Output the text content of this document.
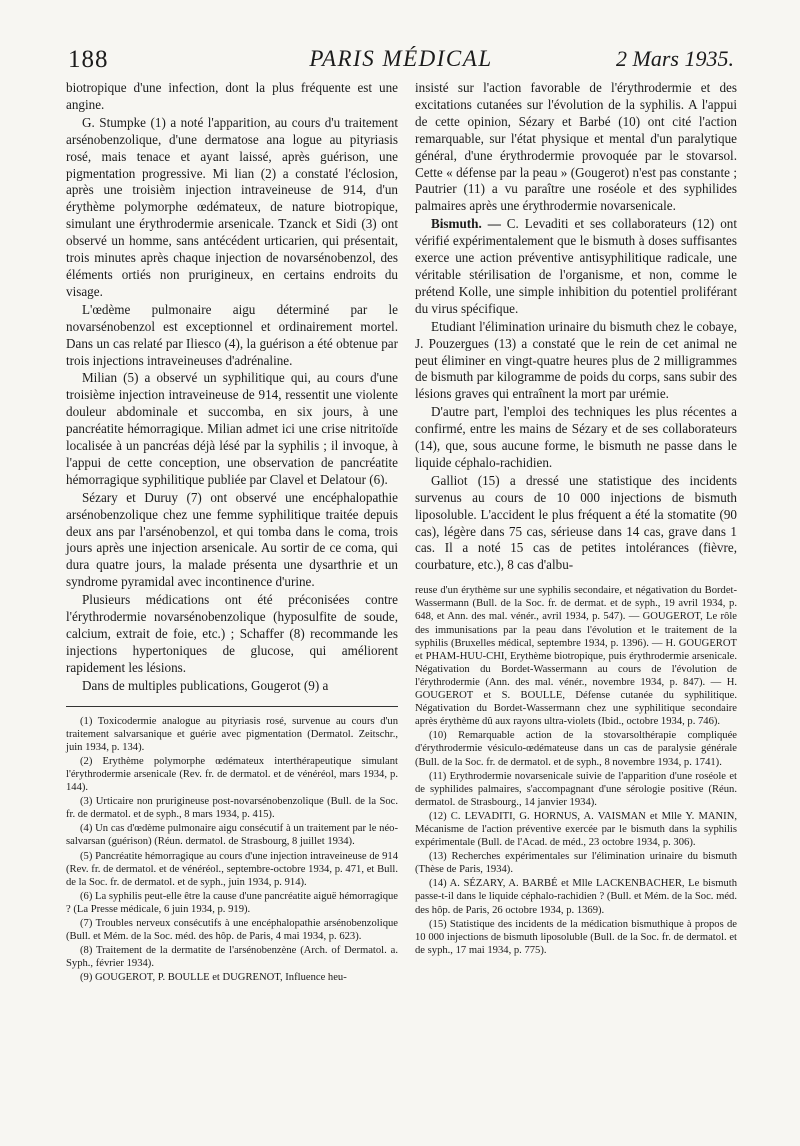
188	PARIS MÉDICAL	2 Mars 1935.

biotropique d'une infection, dont la plus fréquente est une angine.

G. Stumpke (1) a noté l'apparition, au cours d'u traitement arsénobenzolique, d'une dermatose ana logue au pityriasis rosé, mais tenace et ayant laissé, après guérison, une pigmentation progressive. Mi lian (2) a constaté l'éclosion, après une troisièm injection intraveineuse de 914, d'un érythème polymorphe œdémateux, de nature biotropique, simulant une érythrodermie arsenicale. Tzanck et Sidi (3) ont observé un homme, sans antécédent urticarien, qui présentait, trois minutes après chaque injection de novarsénobenzol, des éléments ortiés non prurigineux, en certains endroits du visage.

L'œdème pulmonaire aigu déterminé par le novarsénobenzol est exceptionnel et ordinairement mortel. Dans un cas relaté par Iliesco (4), la guérison a été obtenue par trois injections intraveineuses d'adrénaline.

Milian (5) a observé un syphilitique qui, au cours d'une troisième injection intraveineuse de 914, ressentit une violente douleur abdominale et succomba, en six jours, à une pancréatite hémorragique. Milian admet ici une crise nitritoïde localisée à un pancréas déjà lésé par la syphilis ; il invoque, à l'appui de cette conception, une observation de pancréatite hémorragique syphilitique publiée par Clavel et Delatour (6).

Sézary et Duruy (7) ont observé une encéphalopathie arsénobenzolique chez une femme syphilitique traitée depuis deux ans par l'arsénobenzol, et qui tomba dans le coma, trois jours après une injection arsenicale. Au sortir de ce coma, qui dura quatre jours, la malade présenta une dysarthrie et un syndrome pyramidal avec incontinence d'urine.

Plusieurs médications ont été préconisées contre l'érythrodermie novarsénobenzolique (hyposulfite de soude, calcium, extrait de foie, etc.) ; Schaffer (8) recommande les injections hypertoniques de glucose, qui améliorent rapidement les lésions.

Dans de multiples publications, Gougerot (9) a

(1) Toxicodermie analogue au pityriasis rosé, survenue au cours d'un traitement salvarsanique et guérie avec pigmentation (Dermatol. Zeitschr., juin 1934, p. 134).

(2) Erythème polymorphe œdémateux interthérapeutique simulant l'érythrodermie arsenicale (Rev. fr. de dermatol. et de vénéréol, mars 1934, p. 144).

(3) Urticaire non prurigineuse post-novarsénobenzolique (Bull. de la Soc. fr. de dermatol. et de syph., 8 mars 1934, p. 415).

(4) Un cas d'œdème pulmonaire aigu consécutif à un traitement par le néo-salvarsan (guérison) (Réun. dermatol. de Strasbourg, 8 juillet 1934).

(5) Pancréatite hémorragique au cours d'une injection intraveineuse de 914 (Rev. fr. de dermatol. et de vénéréol., septembre-octobre 1934, p. 471, et Bull. de la Soc. fr. de dermatol. et de syph., juin 1934, p. 914).

(6) La syphilis peut-elle être la cause d'une pancréatite aiguë hémorragique ? (La Presse médicale, 6 juin 1934, p. 919).

(7) Troubles nerveux consécutifs à une encéphalopathie arsénobenzolique (Bull. et Mém. de la Soc. méd. des hôp. de Paris, 4 mai 1934, p. 623).

(8) Traitement de la dermatite de l'arsénobenzène (Arch. of Dermatol. a. Syph., février 1934).

(9) GOUGEROT, P. BOULLE et DUGRENOT, Influence heu-

insisté sur l'action favorable de l'érythrodermie et des excitations cutanées sur l'évolution de la syphilis. A l'appui de cette opinion, Sézary et Barbé (10) ont cité l'action remarquable, sur l'état physique et mental d'un paralytique général, d'une érythrodermie provoquée par le stovarsol. Cette « défense par la peau » (Gougerot) n'est pas constante ; Pautrier (11) a vu paraître une roséole et des syphilides palmaires après une érythrodermie novarsenicale.

Bismuth. — C. Levaditi et ses collaborateurs (12) ont vérifié expérimentalement que le bismuth à doses suffisantes exerce une action préventive antisyphilitique radicale, une véritable stérilisation de l'organisme, et non, comme le prétend Kolle, une simple inhibition du potentiel proliférant du virus spécifique.

Etudiant l'élimination urinaire du bismuth chez le cobaye, J. Pouzergues (13) a constaté que le rein de cet animal ne peut éliminer en vingt-quatre heures plus de 2 milligrammes de bismuth par kilogramme de poids du corps, sans subir des lésions graves qui entraînent la mort par urémie.

D'autre part, l'emploi des techniques les plus récentes a confirmé, entre les mains de Sézary et de ses collaborateurs (14), que, sous aucune forme, le bismuth ne passe dans le liquide céphalo-rachidien.

Galliot (15) a dressé une statistique des incidents survenus au cours de 10 000 injections de bismuth liposoluble. L'accident le plus fréquent a été la stomatite (90 cas), légère dans 75 cas, sérieuse dans 14 cas, grave dans 1 cas. Il a noté 15 cas de petites intolérances (fièvre, courbature, etc.), 8 cas d'albu-

reuse d'un érythème sur une syphilis secondaire, et négativation du Bordet-Wassermann (Bull. de la Soc. fr. de dermat. et de syph., 19 avril 1934, p. 648, et Ann. des mal. vénér., avril 1934, p. 547). — GOUGEROT, Le rôle des immunisations par la peau dans l'évolution et le traitement de la syphilis (Bruxelles médical, septembre 1934, p. 1396). — H. GOUGEROT et PHAM-HUU-CHI, Erythème biotropique, puis érythrodermie arsenicale. Négativation du Bordet-Wassermann au cours de l'évolution de l'érythrodermie (Ann. des mal. vénér., novembre 1934, p. 847). — H. GOUGEROT et S. BOULLE, Défense cutanée du syphilitique. Négativation du Bordet-Wassermann chez une syphilitique secondaire après érythème dû aux rayons ultra-violets (Ibid., octobre 1934, p. 746).

(10) Remarquable action de la stovarsolthérapie compliquée d'érythrodermie vésiculo-œdémateuse dans un cas de paralysie générale (Bull. de la Soc. fr. de dermatol. et de syph., 8 novembre 1934, p. 1741).

(11) Erythrodermie novarsenicale suivie de l'apparition d'une roséole et de syphilides palmaires, s'accompagnant d'une sérologie positive (Réun. dermatol. de Strasbourg., 14 janvier 1934).

(12) C. LEVADITI, G. HORNUS, A. VAISMAN et Mlle Y. MANIN, Mécanisme de l'action préventive exercée par le bismuth dans la syphilis expérimentale (Bull. de l'Acad. de méd., 23 octobre 1934, p. 306).

(13) Recherches expérimentales sur l'élimination urinaire du bismuth (Thèse de Paris, 1934).

(14) A. SÉZARY, A. BARBÉ et Mlle LACKENBACHER, Le bismuth passe-t-il dans le liquide céphalo-rachidien ? (Bull. et Mém. de la Soc. méd. des hôp. de Paris, 26 octobre 1934, p. 1369).

(15) Statistique des incidents de la médication bismuthique à propos de 10 000 injections de bismuth liposoluble (Bull. de la Soc. fr. de dermatol. et de syph., 17 mai 1934, p. 775).
